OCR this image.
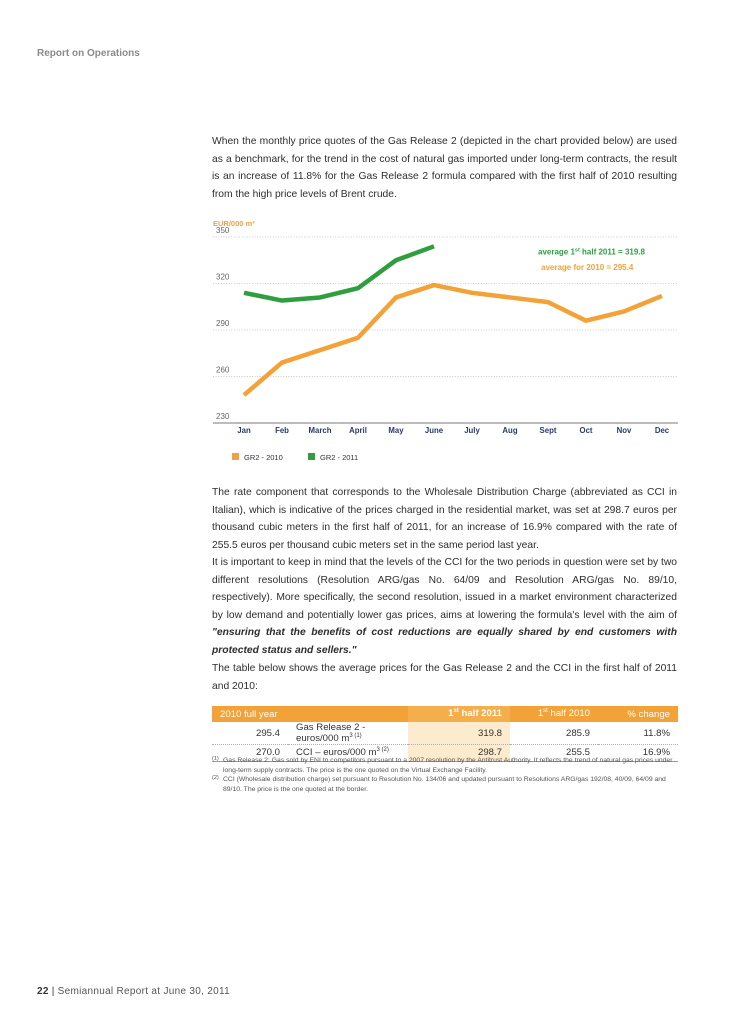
Report on Operations

When the monthly price quotes of the Gas Release 2 (depicted in the chart provided below) are used as a benchmark, for the trend in the cost of natural gas imported under long-term contracts, the result is an increase of 11.8% for the Gas Release 2 formula compared with the first half of 2010 resulting from the high price levels of Brent crude.

EUR/000 m³
350
320
290
260
230
Jan	Feb	March April	May	June	July	Aug	Sept	Oct	Nov	Dec
average 1st half 2011 = 319.8
average for 2010 = 295.4
GR2 - 2010	GR2 - 2011

The rate component that corresponds to the Wholesale Distribution Charge (abbreviated as CCI in Italian), which is indicative of the prices charged in the residential market, was set at 298.7 euros per thousand cubic meters in the first half of 2011, for an increase of 16.9% compared with the rate of 255.5 euros per thousand cubic meters set in the same period last year.

It is important to keep in mind that the levels of the CCI for the two periods in question were set by two different resolutions (Resolution ARG/gas No. 64/09 and Resolution ARG/gas No. 89/10, respectively). More specifically, the second resolution, issued in a market environment characterized by low demand and potentially lower gas prices, aims at lowering the formula's level with the aim of "ensuring that the benefits of cost reductions are equally shared by end customers with protected status and sellers."

The table below shows the average prices for the Gas Release 2 and the CCI in the first half of 2011 and 2010:

2010 full year		1st half 2011	1st half 2010	% change
295.4	Gas Release 2 - euros/000 $m^{3 (1)}$	319.8	285.9	11.8%
270.0	CCI – euros/000 $m^{3 (2)}$	298.7	255.5	16.9%
(1) Gas Release 2: Gas sold by ENI to competitors pursuant to a 2007 resolution by the Antitrust Authority. It reflects the trend of natural gas prices under long-term supply contracts. The price is the one quoted on the Virtual Exchange Facility.
(2) CCI (Wholesale distribution charge) set pursuant to Resolution No. 134/06 and updated pursuant to Resolutions ARG/gas 192/08, 40/09, 64/09 and 89/10. The price is the one quoted at the border.
22 | Semiannual Report at June 30, 2011
